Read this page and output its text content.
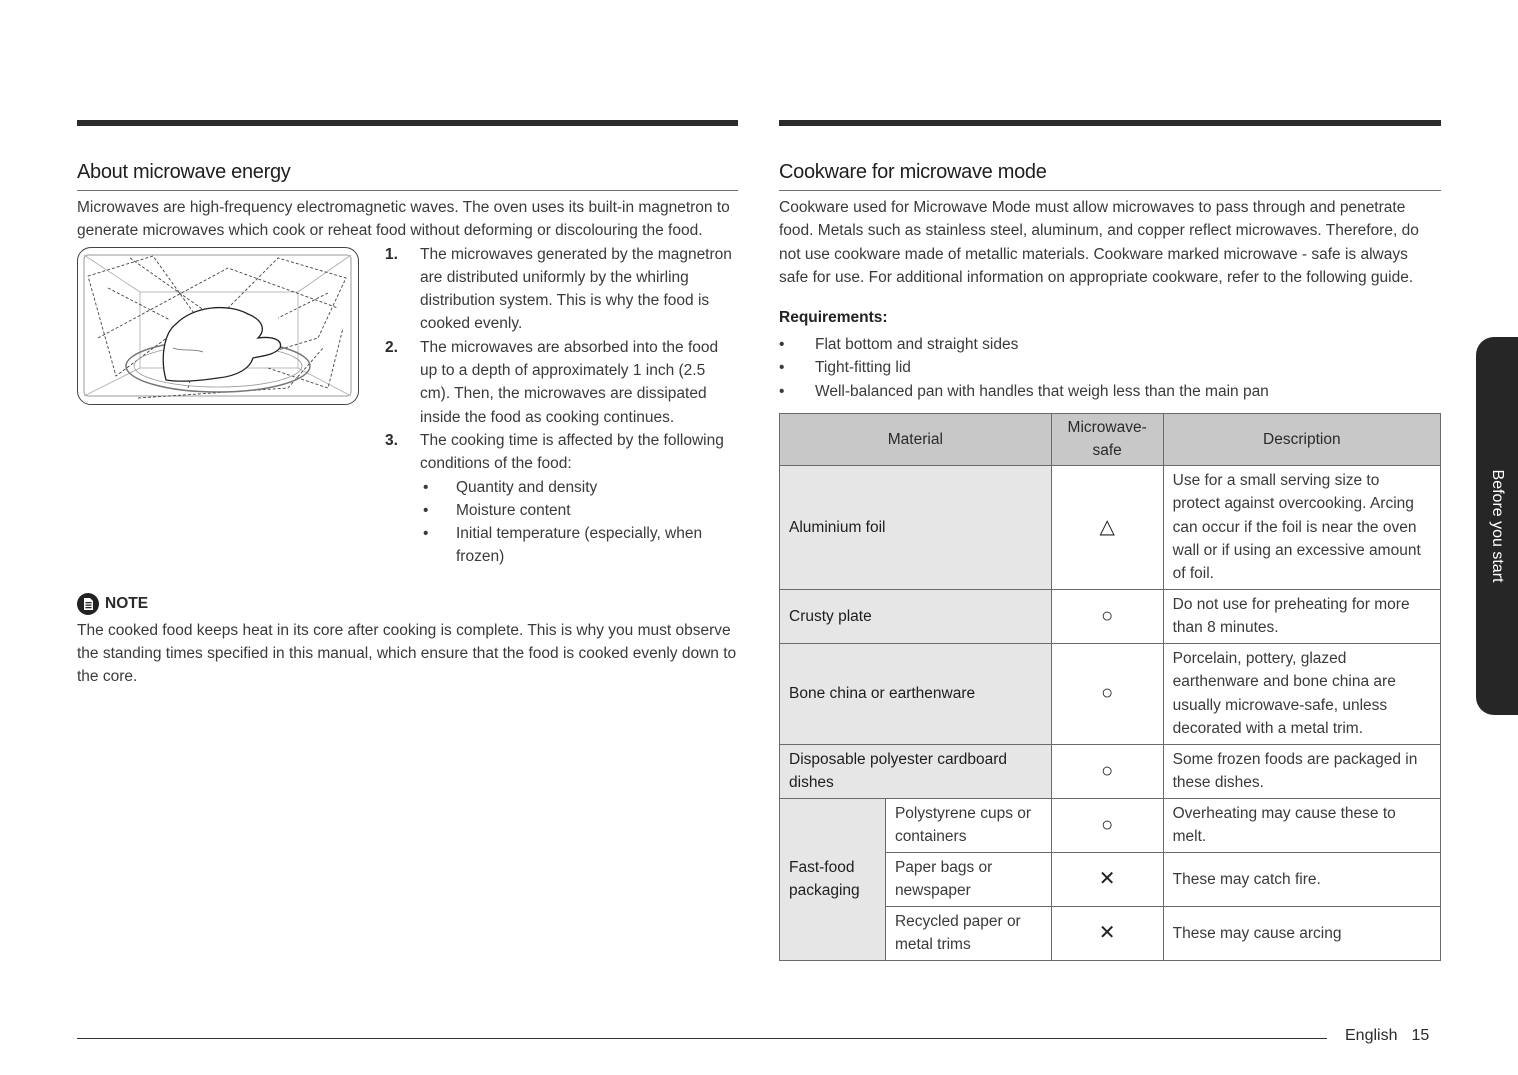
About microwave energy

Microwaves are high-frequency electromagnetic waves. The oven uses its built-in magnetron to generate microwaves which cook or reheat food without deforming or discolouring the food.

1. The microwaves generated by the magnetron are distributed uniformly by the whirling distribution system. This is why the food is cooked evenly.
2. The microwaves are absorbed into the food up to a depth of approximately 1 inch (2.5 cm). Then, the microwaves are dissipated inside the food as cooking continues.
3. The cooking time is affected by the following conditions of the food:
• Quantity and density
• Moisture content
• Initial temperature (especially, when frozen)
NOTE

The cooked food keeps heat in its core after cooking is complete. This is why you must observe the standing times specified in this manual, which ensure that the food is cooked evenly down to the core.

Cookware for microwave mode

Cookware used for Microwave Mode must allow microwaves to pass through and penetrate food. Metals such as stainless steel, aluminum, and copper reflect microwaves. Therefore, do not use cookware made of metallic materials. Cookware marked microwave - safe is always safe for use. For additional information on appropriate cookware, refer to the following guide.

Requirements:
• Flat bottom and straight sides
• Tight-fitting lid
• Well-balanced pan with handles that weigh less than the main pan
Material		Microwave-safe	Description
Aluminium foil		△	Use for a small serving size to protect against overcooking. Arcing can occur if the foil is near the oven wall or if using an excessive amount of foil.
Crusty plate		○	Do not use for preheating for more than 8 minutes.
Bone china or earthenware		○	Porcelain, pottery, glazed earthenware and bone china are usually microwave-safe, unless decorated with a metal trim.
Disposable polyester cardboard dishes		○	Some frozen foods are packaged in these dishes.
Fast-food packaging	Polystyrene cups or containers	○	Overheating may cause these to melt.
	Paper bags or newspaper	✕	These may catch fire.
	Recycled paper or metal trims	✕	These may cause arcing
Before you start
English 15
